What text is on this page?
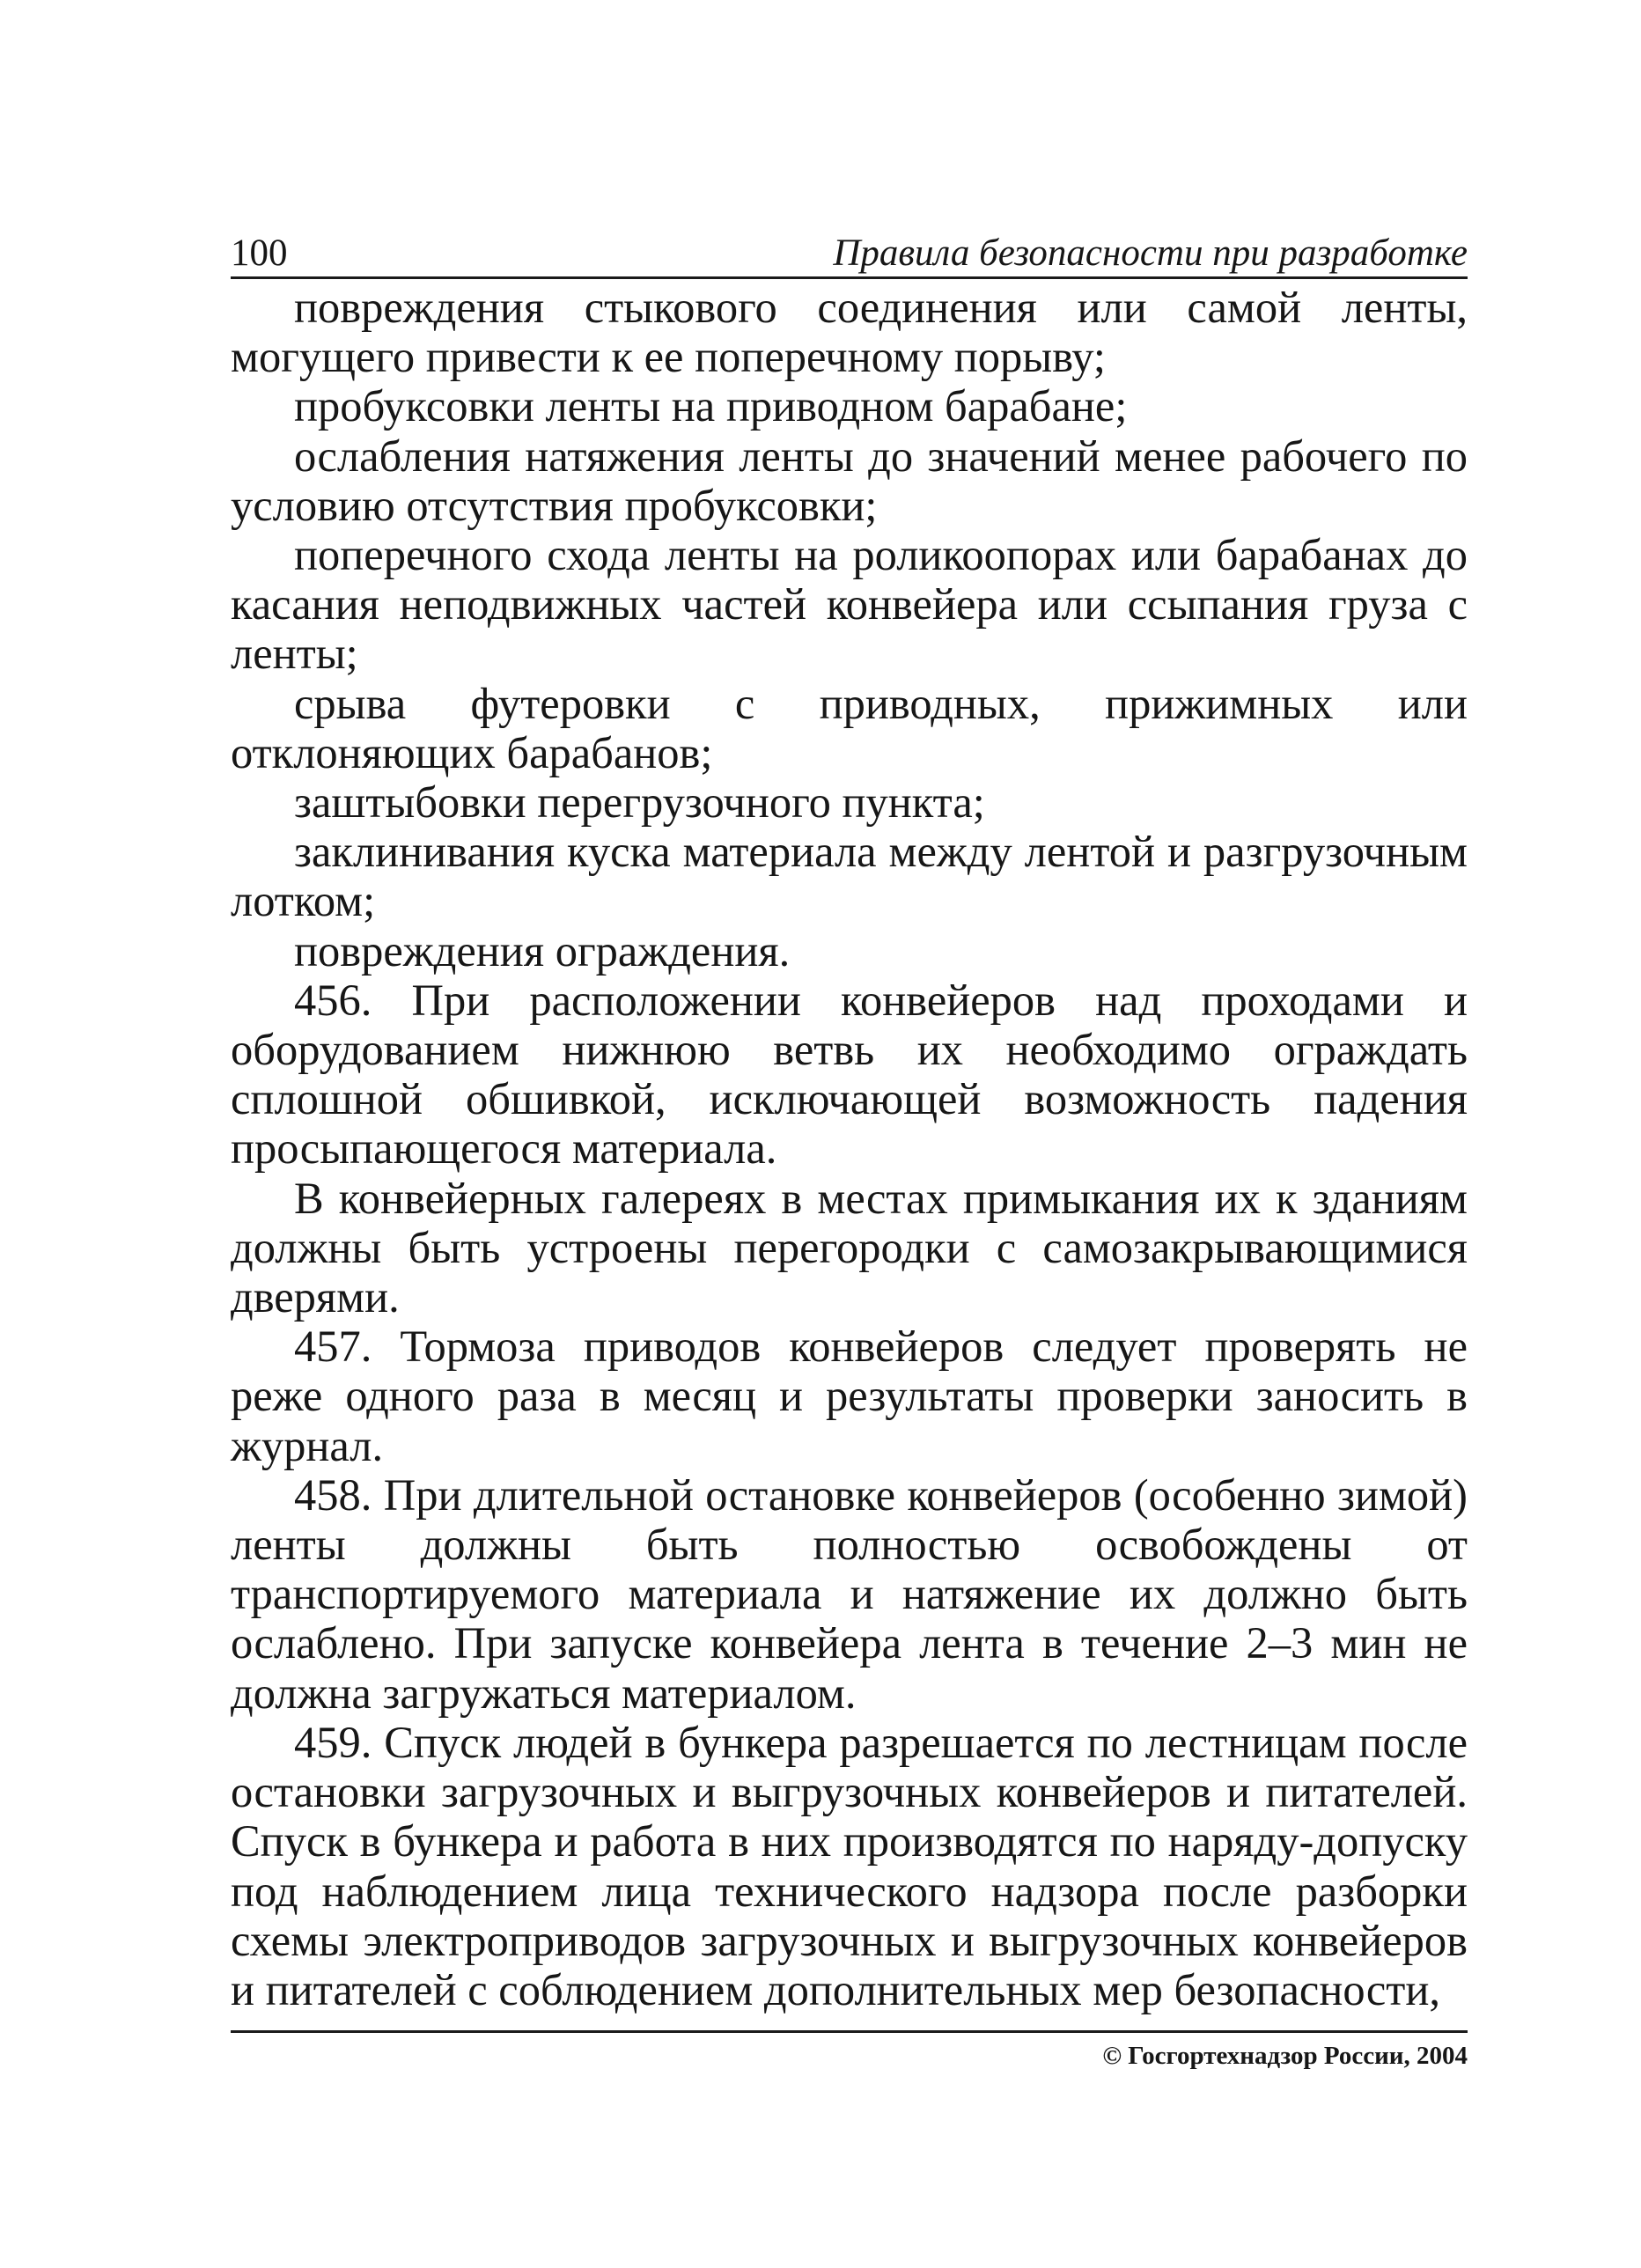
100	Правила безопасности при разработке

повреждения стыкового соединения или самой ленты, могущего привести к ее поперечному порыву;

пробуксовки ленты на приводном барабане;

ослабления натяжения ленты до значений менее рабочего по условию отсутствия пробуксовки;

поперечного схода ленты на роликоопорах или барабанах до касания неподвижных частей конвейера или ссыпания груза с ленты;

срыва футеровки с приводных, прижимных или отклоняющих барабанов;

заштыбовки перегрузочного пункта;

заклинивания куска материала между лентой и разгрузочным лотком;

повреждения ограждения.

456. При расположении конвейеров над проходами и оборудованием нижнюю ветвь их необходимо ограждать сплошной обшивкой, исключающей возможность падения просыпающегося материала.

В конвейерных галереях в местах примыкания их к зданиям должны быть устроены перегородки с самозакрывающимися дверями.

457. Тормоза приводов конвейеров следует проверять не реже одного раза в месяц и результаты проверки заносить в журнал.

458. При длительной остановке конвейеров (особенно зимой) ленты должны быть полностью освобождены от транспортируемого материала и натяжение их должно быть ослаблено. При запуске конвейера лента в течение 2–3 мин не должна загружаться материалом.

459. Спуск людей в бункера разрешается по лестницам после остановки загрузочных и выгрузочных конвейеров и питателей. Спуск в бункера и работа в них производятся по наряду-допуску под наблюдением лица технического надзора после разборки схемы электроприводов загрузочных и выгрузочных конвейеров и питателей с соблюдением дополнительных мер безопасности,

© Госгортехнадзор России, 2004
